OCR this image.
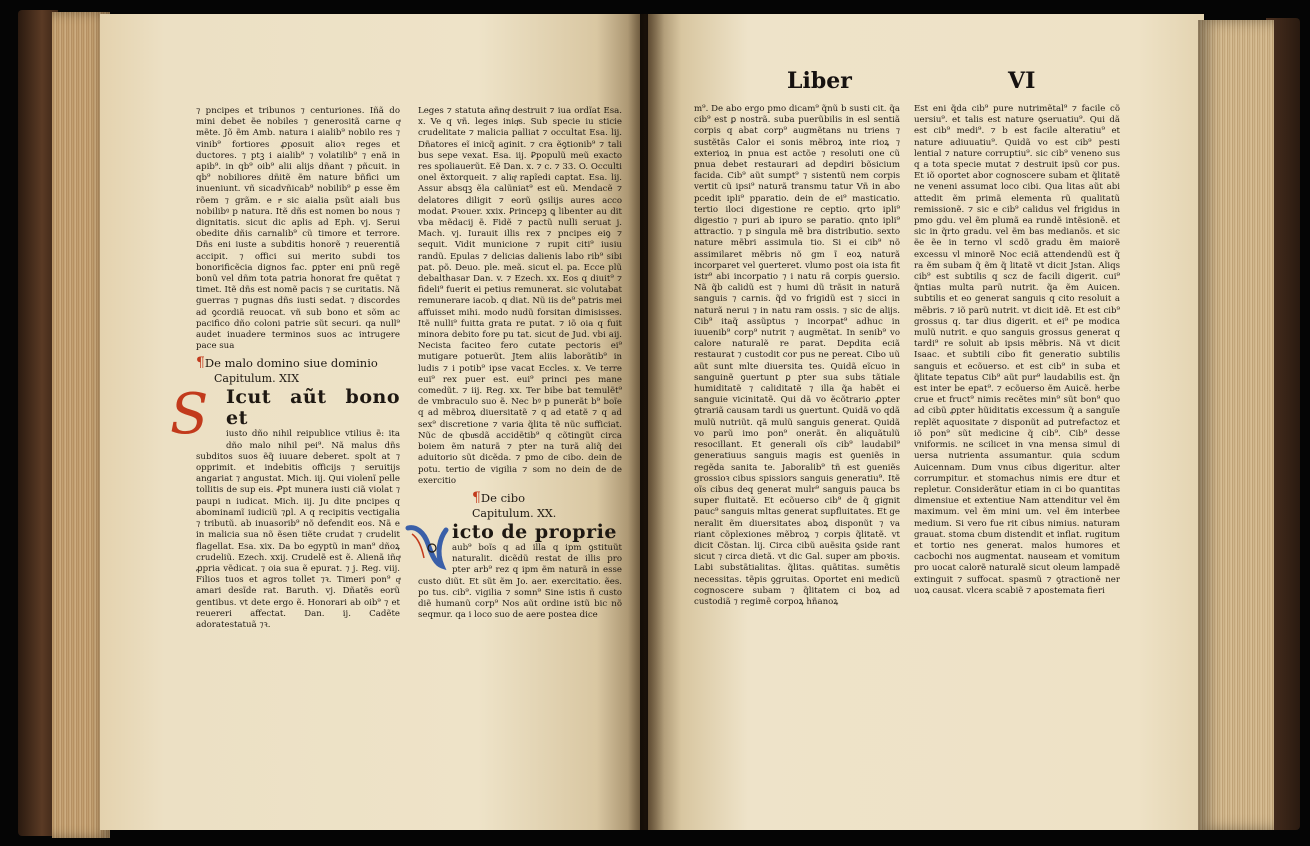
Liber	VI

⁊ pncipes et tribunos ⁊ centuriones. Iñã do mini debet ẽe nobiles ⁊ generositã carne qͣ mẽte. Jõ ẽm Amb. natura i aialib⁹ nobilo res ⁊ vinib⁹ fortiores ꝓposuit alioꝛ reges et ductores. ⁊ ptꝫ i aialib⁹ ⁊ volatilib⁹ ⁊ enã in apib⁹. in qb⁹ oib⁹ alii alijs dñant ⁊ pñcuit. in qb⁹ nobiliores dñitẽ ẽm nature bñfici um inueniunt. vñ sicadvñicab⁹ nobilib⁹ ꝑ esse ẽm rõem ⁊ grãm. e rͣ sic aialia psũt aiali bus nobilibꝰ p natura. Itẽ dñs est nomen bo nous ⁊ dignitatis. sicut dic aplis ad Eph. vj. Serui obedite dñis carnalib⁹ cũ timore et terrore. Dñs eni iuste a subditis honorẽ ⁊ reuerentiã accipit. ⁊ offici sui merito subdi tos bonorificẽcia dignos fac. ꝑpter eni pnũ regẽ bonũ vel dñm tota patria honorat fre quẽtat ⁊ timet. Itẽ dñs est nomẽ pacis ⁊ se curitatis. Nã guerras ⁊ pugnas dñs iusti sedat. ⁊ discordes ad ꝯcordiã reuocat. vñ sub bono et sõm ac pacifico dño coloni patrie sũt securi. qa null⁹ audet inuadere terminos suos ac intrugere pace sua

¶De malo domino siue dominio
Capitulum. XIX
S Icut aũt bono et

iusto dño nihil reipublice vtilius ẽ: ita dño malo nihil pei⁹. Nã malus dñs subditos suos ẽq̃ iuuare deberet. spolt at ⁊ opprimit. et indebitis officijs ⁊ seruitijs angariat ⁊ angustat. Mich. iij. Qui violenĩ pelle tollitis de sup eis. Ꝓpt munera iusti ciã violat ⁊ paupi n iudicat. Mich. iij. Ju dite pncipes q abominamĩ iudiciũ ⁊ꝑl. A q recipitis vectigalia ⁊ tributũ. ab inuasorib⁹ nõ defendit eos. Nã e in malicia sua nõ ẽsen tiẽte crudat ⁊ crudelit flagellat. Esa. xix. Da bo egyptũ in man⁹ dñoꝝ crudeliũ. Ezech. xxij. Crudelẽ est ẽ. Alienã iñqͣ ꝓpria vẽdicat. ⁊ oia sua ẽ epurat. ⁊ j. Reg. viij. Filios tuos et agros tollet ⁊ꝛ. Timeri pon⁹ qͣ amari desĩde rat. Baruth. vj. Dñatẽs eorũ gentibus. vt dete ergo ẽ. Honorari ab oib⁹ ⁊ et reuereri affectat. Dan. ij. Cadẽte adoratestatuã ⁊ꝛ.

Leges ⁊ statuta añnqͣ destruit ⁊ iua ordĩat Esa. x. Ve q vñ. leges iniqͣs. Sub specie iu sticie crudelitate ⁊ malicia palliat ⁊ occultat Esa. lij. Dñatores eĩ inicq̃ aginit. ⁊ cra ẽꝯtionib⁹ ⁊ tali bus sepe vexat. Esa. iij. Ꝑpopulũ meũ exacto res spoliauerũt. Eẽ Dan. x. ⁊ c. ⁊ 33. O. Occulti onel ẽxtorqueit. ⁊ aliqͦ rapĩedi captat. Esa. lij. Assur absqꝫ ẽla calũniat⁹ est eũ. Mendacẽ ⁊ delatores diligit ⁊ eorũ ꝯsilijs aures acco modat. Ꝑꝛouer. xxix. Ꝑrincepꝫ ꝗ libenter au dit vba mẽdacij ẽ. Fidẽ ⁊ pactũ nulli seruat j. Mach. vj. Iurauit illis rex ⁊ pncipes eiꝯ ⁊ sequit. Vidit municione ⁊ rupit citi⁹ iusiu randũ. Epulas ⁊ delicias dalienis labo rib⁹ sibi pat. põ. Deuo. ple. meã. sicut el. pa. Ecce plũ debalthasar Dan. v. ⁊ Ezech. xx. Eos q diuit⁹ ⁊ fideli⁹ fuerit ei petius remunerat. sic volutabat remunerare iacob. q diat. Nũ iis de⁹ patris mei affuisset mihi. modo nudũ forsitan dimisisses. Itẽ nulli⁹ fuitta grata re putat. ⁊ iõ oia q fuit minora debito fore pu tat. sicut de Jud. vbi aij. Necista faciteo fero cutate pectoris ei⁹ mutigare potuerũt. Jtem aliis laborãtib⁹ in ludis ⁊ i potib⁹ ipse vacat Eccles. x. Ve terre eui⁹ rex puer est. eui⁹ princi pes mane comedũt. ⁊ iij. Reg. xx. Ter bibe bat temulẽt⁹ de vmbraculo suo ẽ. Nec bꝰ p punerãt b⁹ boĩe q ad mẽbroꝝ diuersitatẽ ⁊ q ad etatẽ ⁊ q ad sex⁹ discretione ⁊ varia q̃lita tẽ nũc sufficiat. Nũc de qbuͣsdã accidẽtib⁹ q cõtingũt circa boiem ẽm naturã ⁊ pter na turã aliq̃ dei aduitorio sũt dicẽda. ⁊ pmo de cibo. dein de potu. tertio de vigilia ⁊ som no dein de de exercitio

¶De cibo
Capitulum. XX.
icto de proprie

aub⁹ boĩs q ad illa q ipm ꝯstituũt naturalit. dicẽdũ restat de illis pro pter arb⁹ rez q ipm ẽm naturã in esse custo diũt. Et sũt ẽm Jo. aer. exercitatio. ẽes. po tus. cib⁹. vigilia ⁊ somn⁹ Sine istis ñ custo diẽ humanũ corp⁹ Nos aũt ordine istũ bic nõ seqmur. qa i loco suo de aere postea dice

m⁹. De abo ergo pmo dicam⁹ q̃nũ b susti cit. q̃a cib⁹ est ꝑ nostrã. suba puerũbilis in esl sentiã corpis q abat corp⁹ augmẽtans nu triens ⁊ sustẽtãs Calor ei sonis mẽbroꝝ inte rioꝝ ⁊ exterioꝝ in pnua est actõe ⁊ resoluti one cũ pnua debet restaurari ad depdiri bõsicium facida. Cib⁹ aũt sumpt⁹ ⁊ sistentũ nem corpis vertit cũ ipsi⁹ naturã transmu tatur Vñ in abo pcedit ipli⁹ pparatio. dein de ei⁹ masticatio. tertio iloci digestione re ceptio. qrto ipli⁹ digestio ⁊ puri ab ipuro se paratio. qnto ipli⁹ attractio. ⁊ p singula mẽ bra distributio. sexto nature mẽbri assimula tio. Si ei cib⁹ nõ assimilaret mẽbris nõ gm ĩ eoꝝ naturã incorparet vel ꝯuerteret. vlumo post oia ista fit istr⁹ abi incorpatio ⁊ i natu rã corpis ꝯuersio. Nã q̃b calidũ est ⁊ humi dũ trãsit in naturã sanguis ⁊ carnis. q̃d vo frigidũ est ⁊ sicci in naturã nerui ⁊ in natu ram ossis. ⁊ sic de alijs. Cib⁹ itaq̃ assũptus ⁊ incorpat⁹ adhuc in iuuenib⁹ corp⁹ nutrit ⁊ augmẽtat. In senib⁹ vo calore naturalẽ re parat. Depdita eciã restaurat ⁊ custodit cor pus ne pereat. Cibo uũ aũt sunt mlte diuersita tes. Quidã eĩcuo in sanguinẽ ꝯuertunt ꝑ pter sua subs tãtiale humiditatẽ ⁊ caliditatẽ ⁊ illa q̃a habẽt ei sanguie vicinitatẽ. Qui dã vo ẽcõtrario ꝓpter ꝯtrariã causam tardi us ꝯuertunt. Quidã vo qdã mulũ nutriũt. qã mulũ sanguis generat. Quidã vo parũ imo pon⁹ onerãt. ẽn aliquãtulũ resocillant. Et generali oĩs cib⁹ laudabil⁹ generatiuus sanguis magis est ꝯueniẽs in regẽda sanita te. Jaboralib⁹ tñ est ꝯueniẽs grossioꝛ cibus spissiors sanguis generatiu⁹. Itẽ oĩs cibus deq generat mulr⁹ sanguis pauca bs super fluitatẽ. Et ecõuerso cib⁹ de q̃ gignit pauc⁹ sanguis mltas generat supfluitates. Et ge neralit ẽm diuersitates aboꝝ disponũt ⁊ va riant cõplexiones mẽbroꝝ ⁊ corpis q̃litatẽ. vt dicit Cõstan. lij. Circa cibũ auẽsita ꝯside rant sicut ⁊ circa dietã. vt dic Gal. super am pboꝛis. Labi substãtialitas. q̃litas. quãtitas. sumẽtis necessitas. tẽpis ꝯgruitas. Oportet eni medicũ cognoscere subam ⁊ q̃litatem ci boꝝ ad custodiã ⁊ regimẽ corpoꝝ hñanoꝝ

Est eni q̃da cib⁹ pure nutrimẽtal⁹ ⁊ facile cõ uersiu⁹. et talis est nature ꝯseruatiu⁹. Qui dã est cib⁹ medi⁹. ⁊ b est facile alteratiu⁹ et nature adiuuatiu⁹. Quidã vo est cib⁹ pesti lential ⁊ nature corruptiu⁹. sic cib⁹ veneno sus q a tota specie mutat ⁊ destruit ipsũ cor pus. Et iõ oportet abor cognoscere subam et q̃litatẽ ne veneni assumat loco cibi. Qua litas aũt abi attedit ẽm primã elementa rũ qualitatũ remissionẽ. ⁊ sic e cib⁹ calidus vel frigidus in pmo gdu. vel ẽm plumã ea rundẽ intẽsionẽ. et sic in q̃rto gradu. vel ẽm bas medianõs. et sic ẽe ẽe in terno vl scdõ gradu ẽm maiorẽ excessu vl minorẽ Noc eciã attendendũ est q̃ ra ẽm subam q̃ ẽm q̃ litatẽ vt dicit Jstan. Aliqs cib⁹ est subtilis q scz de facili digerit. cui⁹ q̃ntias multa parũ nutrit. q̃a ẽm Auicen. subtilis et eo generat sanguis q cito resoluit a mẽbris. ⁊ iõ parũ nutrit. vt dicit idẽ. Et est cib⁹ grossus q. tar dius digerit. et ei⁹ pe modica mulũ nutrit. e quo sanguis grossus generat q tardi⁹ re soluit ab ipsis mẽbris. Nã vt dicit Isaac. et subtili cibo fit generatio subtilis sanguis et ecõuerso. et est cib⁹ in suba et q̃litate tepatus Cib⁹ aũt pur⁹ laudabilis est. q̃n est inter be epat⁹. ⁊ ecõuerso ẽm Auicẽ. herbe crue et fruct⁹ nimis recẽtes min⁹ sũt bon⁹ quo ad cibũ ꝓpter hũiditatis excessum q̃ a sanguĩe replẽt aquositate ⁊ disponũt ad putrefactoz et iõ pon⁹ sũt medicine q̃ cib⁹. Cib⁹ desse vniformis. ne scilicet in vna mensa simul di uersa nutrienta assumantur. quia scdum Auicennam. Dum vnus cibus digeritur. alter corrumpitur. et stomachus nimis ere dtur et repletur. Considerãtur etiam in ci bo quantitas dimensiue et extentiue Nam attenditur vel ẽm maximum. vel ẽm mini um. vel ẽm interbee medium. Si vero fue rit cibus nimius. naturam grauat. stoma cbum distendit et inflat. rugitum et tortio nes generat. malos humores et cacbochi nos augmentat. nauseam et vomitum pro uocat calorẽ naturalẽ sicut oleum lampadẽ extinguit ⁊ suffocat. spasmũ ⁊ ꝯtractionẽ ner uoꝝ causat. vlcera scabiẽ ⁊ apostemata fieri
